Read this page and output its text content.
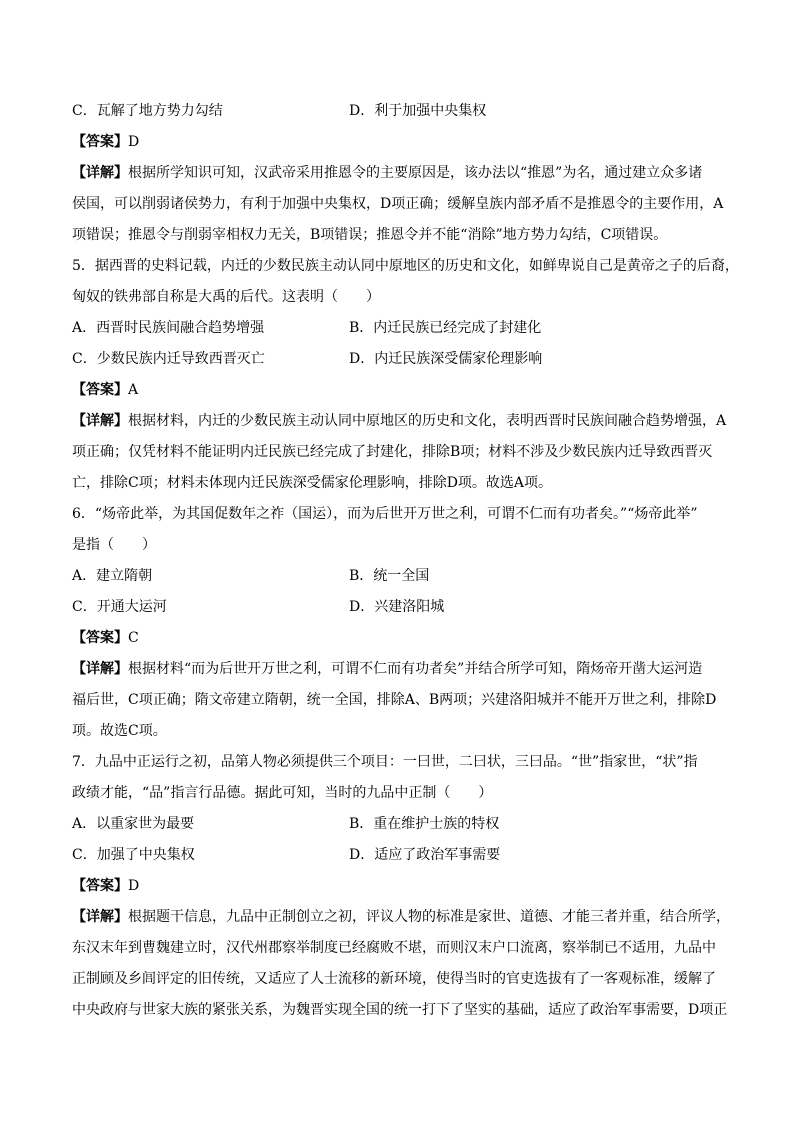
C．瓦解了地方势力勾结	D．利于加强中央集权
【答案】D
【详解】根据所学知识可知，汉武帝采用推恩令的主要原因是，该办法以“推恩”为名，通过建立众多诸
侯国，可以削弱诸侯势力，有利于加强中央集权，D项正确；缓解皇族内部矛盾不是推恩令的主要作用，A
项错误；推恩令与削弱宰相权力无关，B项错误；推恩令并不能“消除”地方势力勾结，C项错误。
5．据西晋的史料记载，内迁的少数民族主动认同中原地区的历史和文化，如鲜卑说自己是黄帝之子的后裔，
匈奴的铁弗部自称是大禹的后代。这表明（　　）
A．西晋时民族间融合趋势增强	B．内迁民族已经完成了封建化
C．少数民族内迁导致西晋灭亡	D．内迁民族深受儒家伦理影响
【答案】A
【详解】根据材料，内迁的少数民族主动认同中原地区的历史和文化，表明西晋时民族间融合趋势增强，A
项正确；仅凭材料不能证明内迁民族已经完成了封建化，排除B项；材料不涉及少数民族内迁导致西晋灭
亡，排除C项；材料未体现内迁民族深受儒家伦理影响，排除D项。故选A项。
6．“炀帝此举，为其国促数年之祚（国运），而为后世开万世之利，可谓不仁而有功者矣。”“炀帝此举”
是指（　　）
A．建立隋朝	B．统一全国
C．开通大运河	D．兴建洛阳城
【答案】C
【详解】根据材料“而为后世开万世之利，可谓不仁而有功者矣”并结合所学可知，隋炀帝开凿大运河造
福后世，C项正确；隋文帝建立隋朝，统一全国，排除A、B两项；兴建洛阳城并不能开万世之利，排除D
项。故选C项。
7．九品中正运行之初，品第人物必须提供三个项目：一曰世，二曰状，三曰品。“世”指家世，“状”指
政绩才能，“品”指言行品德。据此可知，当时的九品中正制（　　）
A．以重家世为最要	B．重在维护士族的特权
C．加强了中央集权	D．适应了政治军事需要
【答案】D
【详解】根据题干信息，九品中正制创立之初，评议人物的标准是家世、道德、才能三者并重，结合所学，
东汉末年到曹魏建立时，汉代州郡察举制度已经腐败不堪，而则汉末户口流离，察举制已不适用，九品中
正制顾及乡闾评定的旧传统，又适应了人士流移的新环境，使得当时的官吏选拔有了一客观标准，缓解了
中央政府与世家大族的紧张关系，为魏晋实现全国的统一打下了坚实的基础，适应了政治军事需要，D项正
